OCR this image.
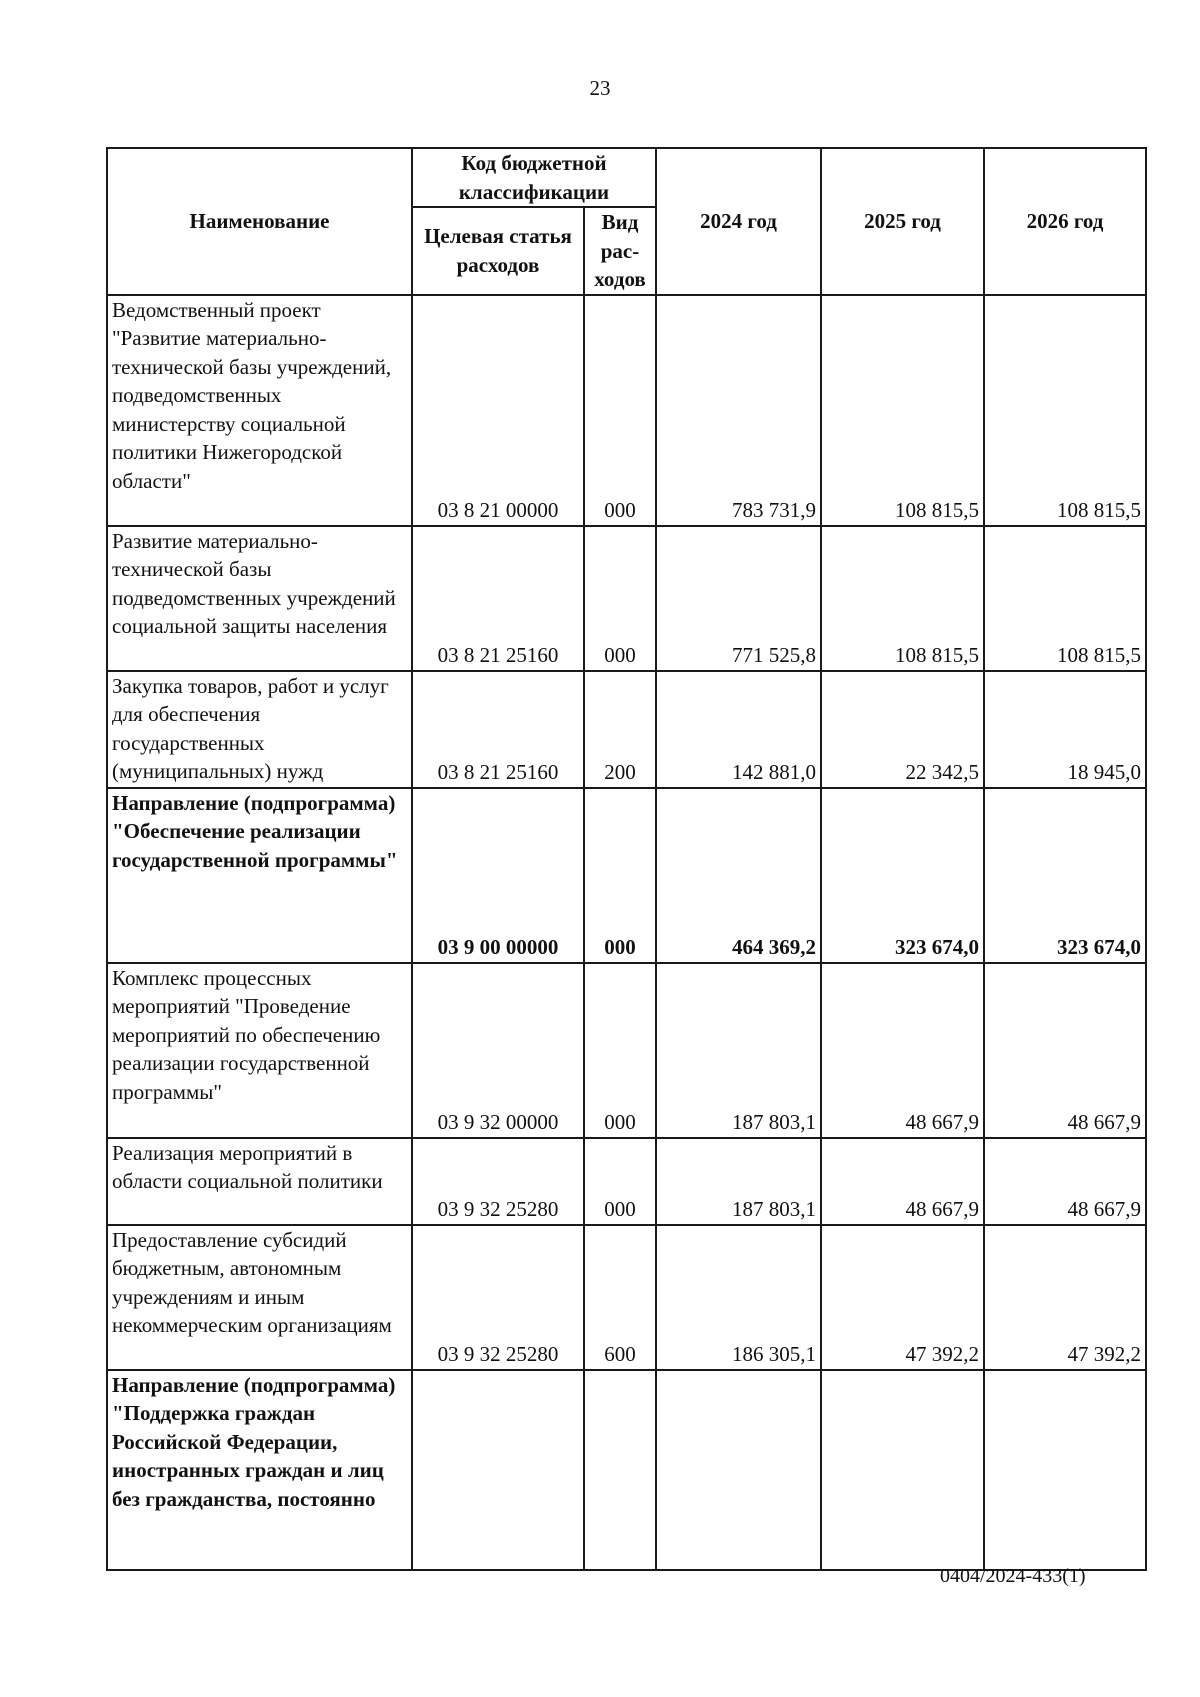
23
Наименование	Код бюджетной классификации		2024 год	2025 год	2026 год
	Целевая статья расходов	Вид рас-ходов			
Ведомственный проект "Развитие материально-технической базы учреждений, подведомственных министерству социальной политики Нижегородской области"	03 8 21 00000	000	783 731,9	108 815,5	108 815,5
Развитие материально-технической базы подведомственных учреждений социальной защиты населения	03 8 21 25160	000	771 525,8	108 815,5	108 815,5
Закупка товаров, работ и услуг для обеспечения государственных (муниципальных) нужд	03 8 21 25160	200	142 881,0	22 342,5	18 945,0
Направление (подпрограмма) "Обеспечение реализации государственной программы"	03 9 00 00000	000	464 369,2	323 674,0	323 674,0
Комплекс процессных мероприятий "Проведение мероприятий по обеспечению реализации государственной программы"	03 9 32 00000	000	187 803,1	48 667,9	48 667,9
Реализация мероприятий в области социальной политики	03 9 32 25280	000	187 803,1	48 667,9	48 667,9
Предоставление субсидий бюджетным, автономным учреждениям и иным некоммерческим организациям	03 9 32 25280	600	186 305,1	47 392,2	47 392,2
Направление (подпрограмма) "Поддержка граждан Российской Федерации, иностранных граждан и лиц без гражданства, постоянно					
0404/2024-433(1)
